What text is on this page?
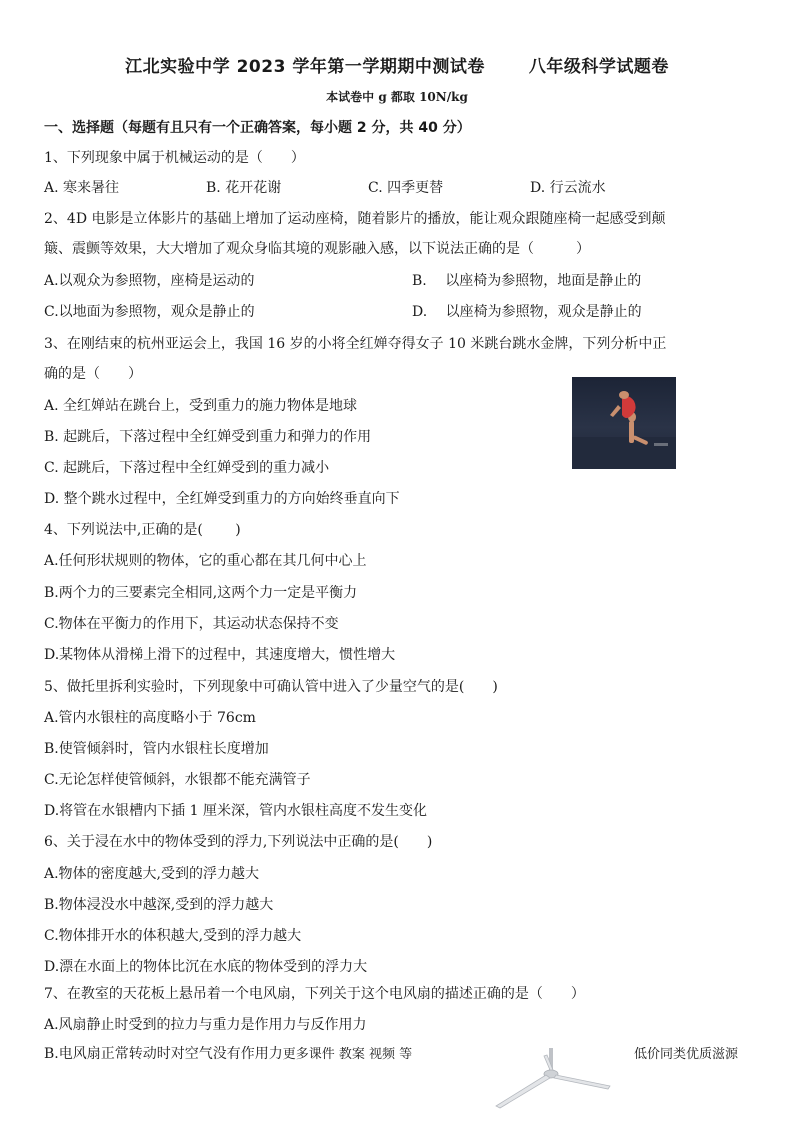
江北实验中学 2023 学年第一学期期中测试卷	八年级科学试题卷
本试卷中 g 都取 10N/kg
一、选择题（每题有且只有一个正确答案，每小题 2 分，共 40 分）
1、下列现象中属于机械运动的是（　　）
A. 寒来暑往	B. 花开花谢	C. 四季更替	D. 行云流水
2、4D 电影是立体影片的基础上增加了运动座椅，随着影片的播放，能让观众跟随座椅一起感受到颠
簸、震颤等效果，大大增加了观众身临其境的观影融入感，以下说法正确的是（　　　）
A.以观众为参照物，座椅是运动的	B.　 以座椅为参照物，地面是静止的
C.以地面为参照物，观众是静止的	D.　 以座椅为参照物，观众是静止的
3、在刚结束的杭州亚运会上，我国 16 岁的小将全红婵夺得女子 10 米跳台跳水金牌，下列分析中正
确的是（　　）
A. 全红婵站在跳台上，受到重力的施力物体是地球
B. 起跳后，下落过程中全红婵受到重力和弹力的作用
C. 起跳后，下落过程中全红婵受到的重力减小
D. 整个跳水过程中，全红婵受到重力的方向始终垂直向下
4、下列说法中,正确的是(　　 )
A.任何形状规则的物体，它的重心都在其几何中心上
B.两个力的三要素完全相同,这两个力一定是平衡力
C.物体在平衡力的作用下，其运动状态保持不变
D.某物体从滑梯上滑下的过程中，其速度增大，惯性增大
5、做托里拆利实验时，下列现象中可确认管中进入了少量空气的是(　　)
A.管内水银柱的高度略小于 76cm
B.使管倾斜时，管内水银柱长度增加
C.无论怎样使管倾斜，水银都不能充满管子
D.将管在水银槽内下插 1 厘米深，管内水银柱高度不发生变化
6、关于浸在水中的物体受到的浮力,下列说法中正确的是(　　)
A.物体的密度越大,受到的浮力越大
B.物体浸没水中越深,受到的浮力越大
C.物体排开水的体积越大,受到的浮力越大
D.漂在水面上的物体比沉在水底的物体受到的浮力大
7、在教室的天花板上悬吊着一个电风扇，下列关于这个电风扇的描述正确的是（　　）
A.风扇静止时受到的拉力与重力是作用力与反作用力
B.电风扇正常转动时对空气没有作用力更多课件 教案 视频 等	低价同类优质滋源
